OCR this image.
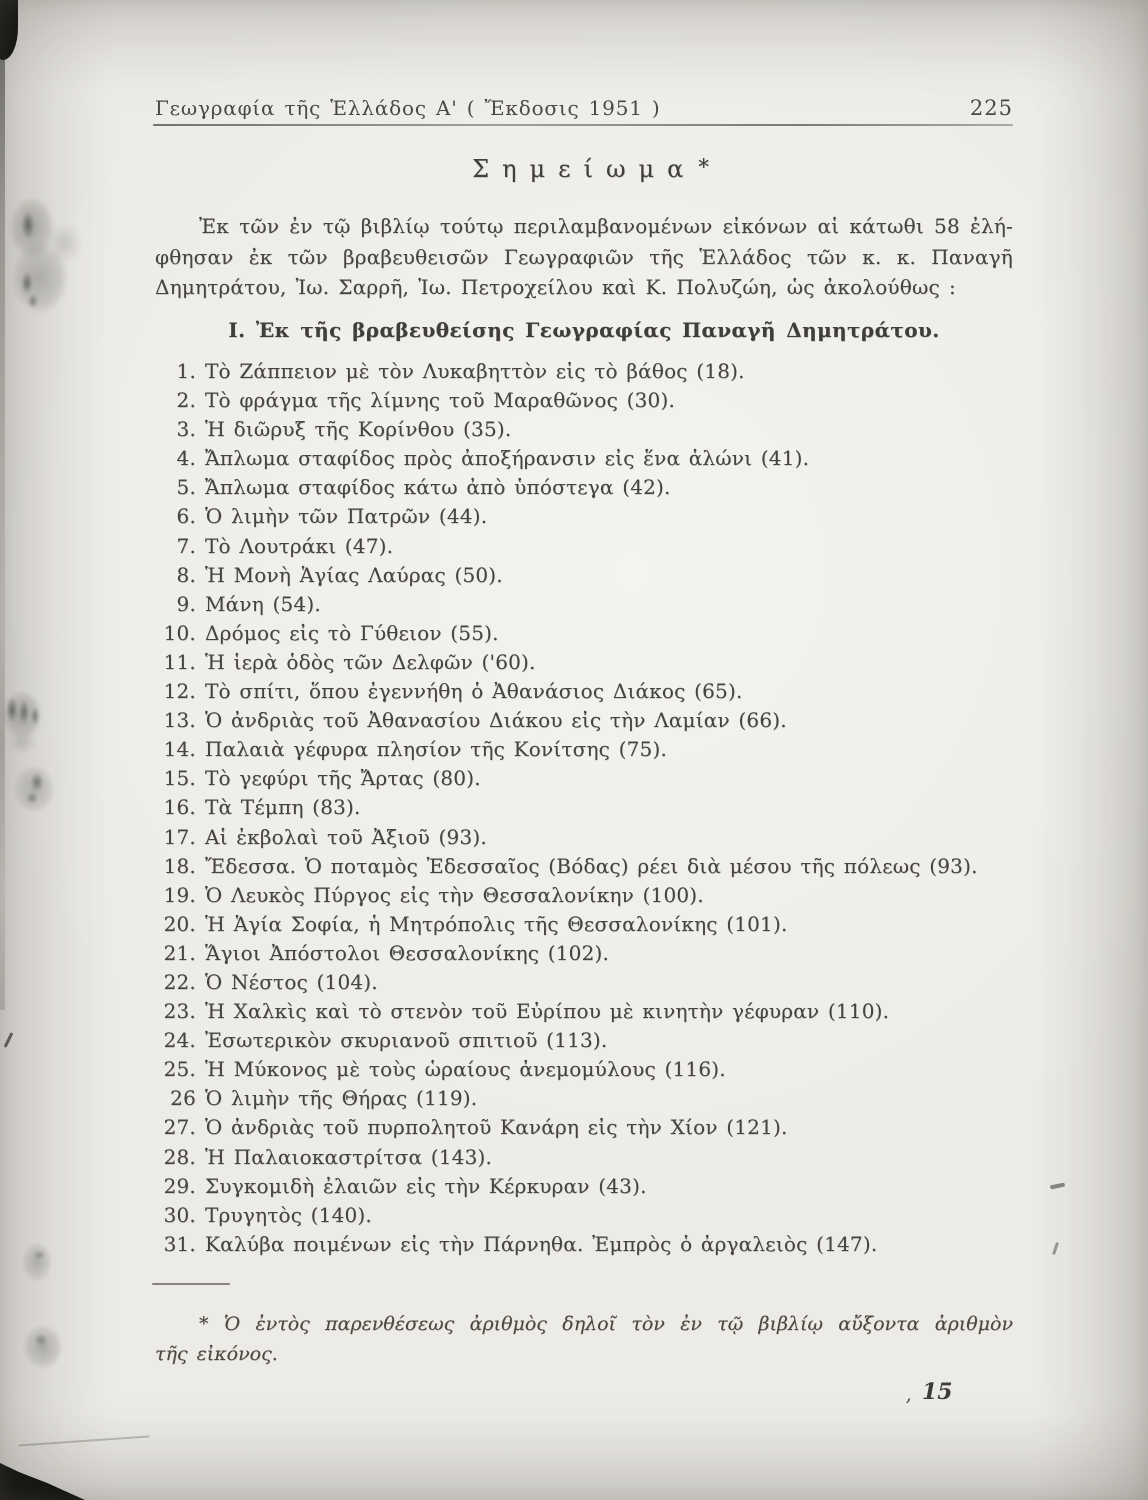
Γεωγραφία τῆς Ἑλλάδος Α' ( Ἔκδοσις 1951 )	225
Σημείωμα*
Ἐκ τῶν ἐν τῷ βιβλίῳ τούτῳ περιλαμβανομένων εἰκόνων αἱ κάτωθι 58 ἐλή-
φθησαν ἐκ τῶν βραβευθεισῶν Γεωγραφιῶν τῆς Ἑλλάδος τῶν κ. κ. Παναγῆ
Δημητράτου, Ἰω. Σαρρῆ, Ἰω. Πετροχείλου καὶ Κ. Πολυζώη, ὡς ἀκολούθως :
Ι. Ἐκ τῆς βραβευθείσης Γεωγραφίας Παναγῆ Δημητράτου.
1. Τὸ Ζάππειον μὲ τὸν Λυκαβηττὸν εἰς τὸ βάθος (18).
2. Τὸ φράγμα τῆς λίμνης τοῦ Μαραθῶνος (30).
3. Ἡ διῶρυξ τῆς Κορίνθου (35).
4. Ἄπλωμα σταφίδος πρὸς ἀποξήρανσιν εἰς ἕνα ἁλώνι (41).
5. Ἄπλωμα σταφίδος κάτω ἀπὸ ὑπόστεγα (42).
6. Ὁ λιμὴν τῶν Πατρῶν (44).
7. Τὸ Λουτράκι (47).
8. Ἡ Μονὴ Ἁγίας Λαύρας (50).
9. Μάνη (54).
10. Δρόμος εἰς τὸ Γύθειον (55).
11. Ἡ ἱερὰ ὁδὸς τῶν Δελφῶν ('60).
12. Τὸ σπίτι, ὅπου ἐγεννήθη ὁ Ἀθανάσιος Διάκος (65).
13. Ὁ ἀνδριὰς τοῦ Ἀθανασίου Διάκου εἰς τὴν Λαμίαν (66).
14. Παλαιὰ γέφυρα πλησίον τῆς Κονίτσης (75).
15. Τὸ γεφύρι τῆς Ἄρτας (80).
16. Τὰ Τέμπη (83).
17. Αἱ ἐκβολαὶ τοῦ Ἀξιοῦ (93).
18. Ἔδεσσα. Ὁ ποταμὸς Ἐδεσσαῖος (Βόδας) ρέει διὰ μέσου τῆς πόλεως (93).
19. Ὁ Λευκὸς Πύργος εἰς τὴν Θεσσαλονίκην (100).
20. Ἡ Ἁγία Σοφία, ἡ Μητρόπολις τῆς Θεσσαλονίκης (101).
21. Ἅγιοι Ἀπόστολοι Θεσσαλονίκης (102).
22. Ὁ Νέστος (104).
23. Ἡ Χαλκὶς καὶ τὸ στενὸν τοῦ Εὐρίπου μὲ κινητὴν γέφυραν (110).
24. Ἐσωτερικὸν σκυριανοῦ σπιτιοῦ (113).
25. Ἡ Μύκονος μὲ τοὺς ὡραίους ἀνεμομύλους (116).
26 Ὁ λιμὴν τῆς Θήρας (119).
27. Ὁ ἀνδριὰς τοῦ πυρπολητοῦ Κανάρη εἰς τὴν Χίον (121).
28. Ἡ Παλαιοκαστρίτσα (143).
29. Συγκομιδὴ ἐλαιῶν εἰς τὴν Κέρκυραν (43).
30. Τρυγητὸς (140).
31. Καλύβα ποιμένων εἰς τὴν Πάρνηθα. Ἐμπρὸς ὁ ἀργαλειὸς (147).
* Ὁ ἐντὸς παρενθέσεως ἀριθμὸς δηλοῖ τὸν ἐν τῷ βιβλίῳ αὔξοντα ἀριθμὸν
τῆς εἰκόνος.
15
’
